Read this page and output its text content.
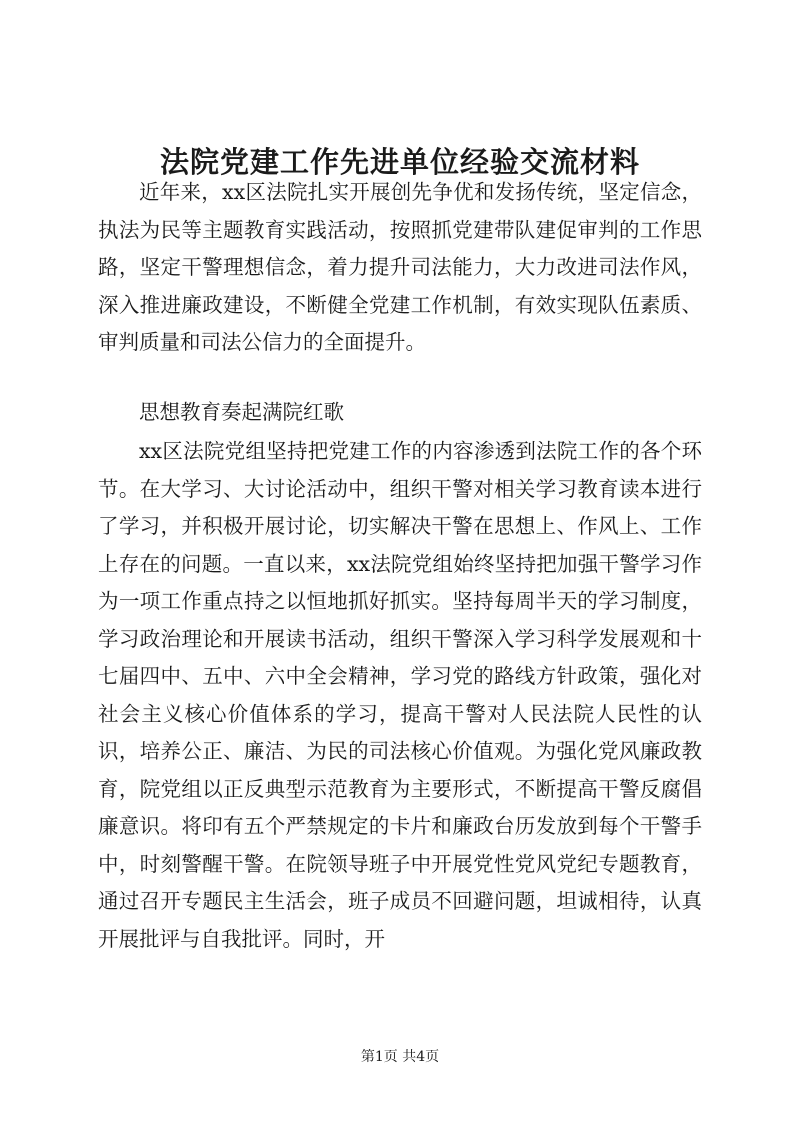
法院党建工作先进单位经验交流材料

近年来，xx区法院扎实开展创先争优和发扬传统，坚定信念，执法为民等主题教育实践活动，按照抓党建带队建促审判的工作思路，坚定干警理想信念，着力提升司法能力，大力改进司法作风，深入推进廉政建设，不断健全党建工作机制，有效实现队伍素质、审判质量和司法公信力的全面提升。

思想教育奏起满院红歌

xx区法院党组坚持把党建工作的内容渗透到法院工作的各个环节。在大学习、大讨论活动中，组织干警对相关学习教育读本进行了学习，并积极开展讨论，切实解决干警在思想上、作风上、工作上存在的问题。一直以来，xx法院党组始终坚持把加强干警学习作为一项工作重点持之以恒地抓好抓实。坚持每周半天的学习制度，学习政治理论和开展读书活动，组织干警深入学习科学发展观和十七届四中、五中、六中全会精神，学习党的路线方针政策，强化对社会主义核心价值体系的学习，提高干警对人民法院人民性的认识，培养公正、廉洁、为民的司法核心价值观。为强化党风廉政教育，院党组以正反典型示范教育为主要形式，不断提高干警反腐倡廉意识。将印有五个严禁规定的卡片和廉政台历发放到每个干警手中，时刻警醒干警。在院领导班子中开展党性党风党纪专题教育，通过召开专题民主生活会，班子成员不回避问题，坦诚相待，认真开展批评与自我批评。同时，开

第1页 共4页
